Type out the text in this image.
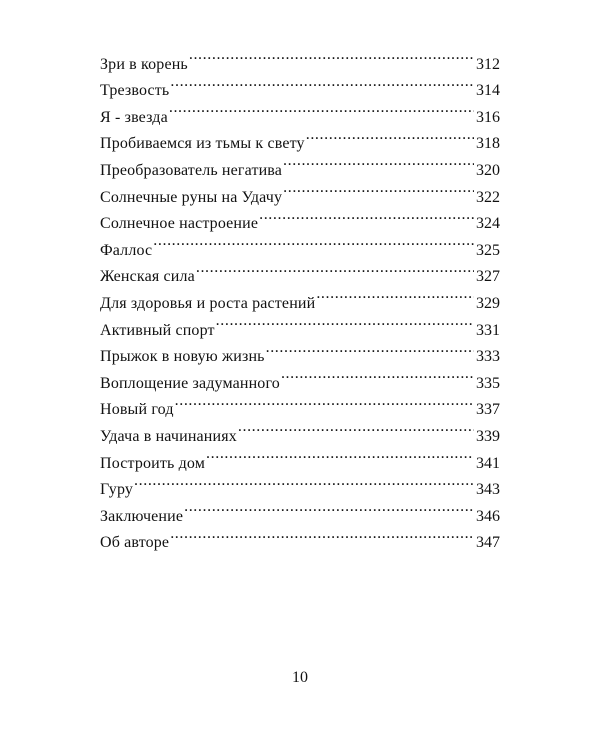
Зри в корень .....	312
Трезвость .....	314
Я - звезда .....	316
Пробиваемся из тьмы к свету .....	318
Преобразователь негатива .....	320
Солнечные руны на Удачу .....	322
Солнечное настроение .....	324
Фаллос .....	325
Женская сила .....	327
Для здоровья и роста растений .....	329
Активный спорт .....	331
Прыжок в новую жизнь .....	333
Воплощение задуманного .....	335
Новый год .....	337
Удача в начинаниях .....	339
Построить дом .....	341
Гуру .....	343
Заключение .....	346
Об авторе .....	347
10
